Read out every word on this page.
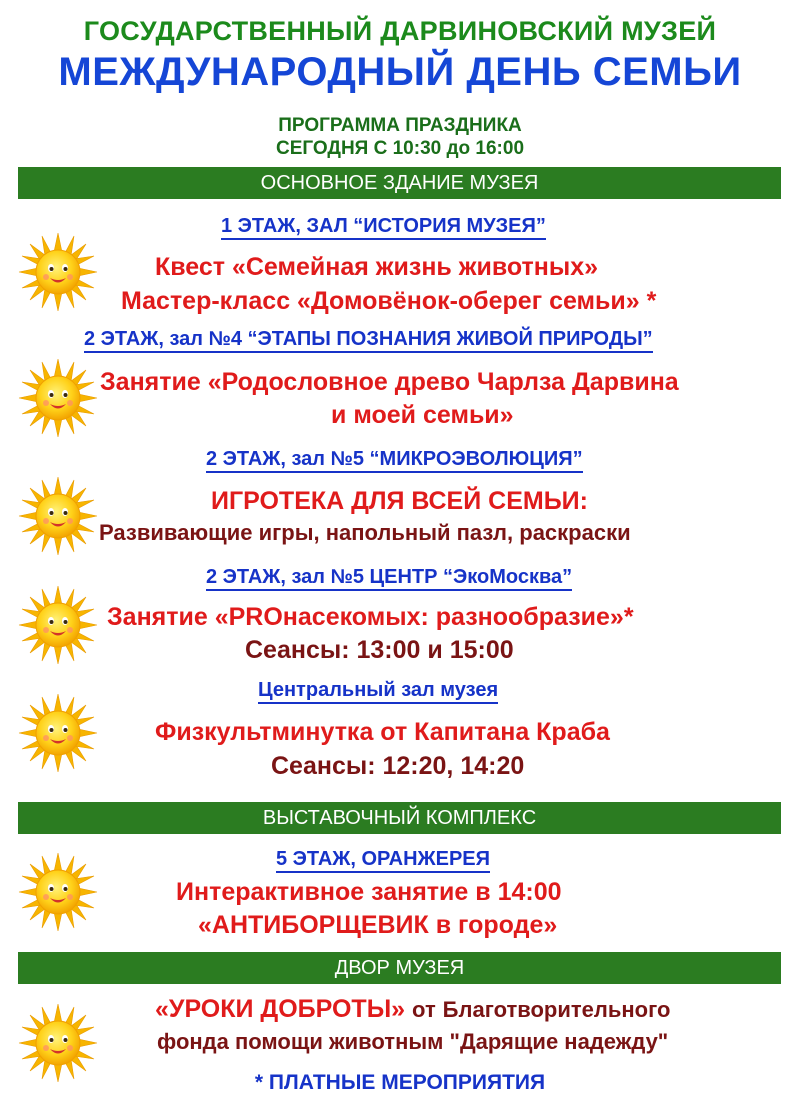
ГОСУДАРСТВЕННЫЙ ДАРВИНОВСКИЙ МУЗЕЙ
МЕЖДУНАРОДНЫЙ ДЕНЬ СЕМЬИ
ПРОГРАММА ПРАЗДНИКА
СЕГОДНЯ С 10:30 до 16:00
ОСНОВНОЕ ЗДАНИЕ МУЗЕЯ
1 ЭТАЖ, ЗАЛ “ИСТОРИЯ МУЗЕЯ”
Квест «Семейная жизнь животных»
Мастер-класс «Домовёнок-оберег семьи» *
2 ЭТАЖ, зал №4 “ЭТАПЫ ПОЗНАНИЯ ЖИВОЙ ПРИРОДЫ”
Занятие «Родословное древо Чарлза Дарвина
и моей семьи»
2 ЭТАЖ, зал №5 “МИКРОЭВОЛЮЦИЯ”
ИГРОТЕКА ДЛЯ ВСЕЙ СЕМЬИ:
Развивающие игры, напольный пазл, раскраски
2 ЭТАЖ, зал №5 ЦЕНТР “ЭкоМосква”
Занятие «PROнасекомых: разнообразие»*
Сеансы: 13:00 и 15:00
Центральный зал музея
Физкультминутка от Капитана Краба
Сеансы: 12:20, 14:20
ВЫСТАВОЧНЫЙ КОМПЛЕКС
5 ЭТАЖ, ОРАНЖЕРЕЯ
Интерактивное занятие в 14:00
«АНТИБОРЩЕВИК в городе»
ДВОР МУЗЕЯ
«УРОКИ ДОБРОТЫ» от Благотворительного
фонда помощи животным "Дарящие надежду"
* ПЛАТНЫЕ МЕРОПРИЯТИЯ
